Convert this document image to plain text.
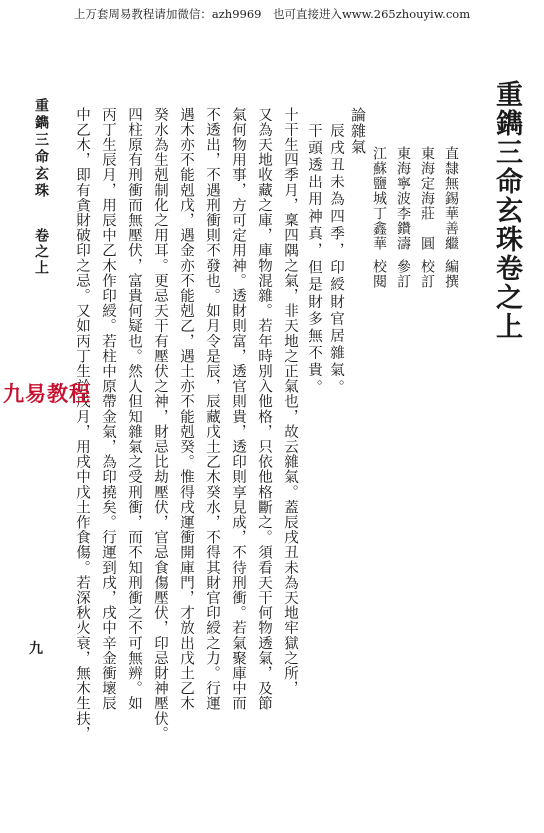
上万套周易教程请加微信：azh9969　也可直接进入www.265zhouyiw.com
重鐫三命玄珠卷之上
直隸無錫華善繼編撰
東海定海莊　圓校訂
東海寧波李鑽濤參訂
江蘇鹽城丁鑫華校閱
論雜氣
辰戌丑未為四季，印綬財官居雜氣。
干頭透出用神真，但是財多無不貴。
十干生四季月，稟四隅之氣，非天地之正氣也，故云雜氣。蓋辰戌丑未為天地牢獄之所，
又為天地收藏之庫，庫物混雜。若年時別入他格，只依他格斷之。須看天干何物透氣，及節
氣何物用事，方可定用神。透財則富，透官則貴，透印則享見成，不待刑衝。若氣聚庫中而
不透出，不遇刑衝則不發也。如月令是辰，辰藏戊土乙木癸水，不得其財官印綬之力。行運
遇木亦不能剋戊，遇金亦不能剋乙，遇土亦不能剋癸。惟得戌運衝開庫門，才放出戊土乙木
癸水為生剋制化之用耳。更忌天干有壓伏之神，財忌比劫壓伏，官忌食傷壓伏，印忌財神壓伏。
四柱原有刑衝而無壓伏，富貴何疑也。然人但知雜氣之受刑衝，而不知刑衝之不可無辨。如
丙丁生辰月，用辰中乙木作印綬。若柱中原帶金氣，為印撓矣。行運到戌，戌中辛金衝壞辰
中乙木，即有貪財破印之忌。又如丙丁生於戌月，用戌中戊土作食傷。若深秋火衰，無木生扶，
重鐫三命玄珠
卷之上
九
九易教程
